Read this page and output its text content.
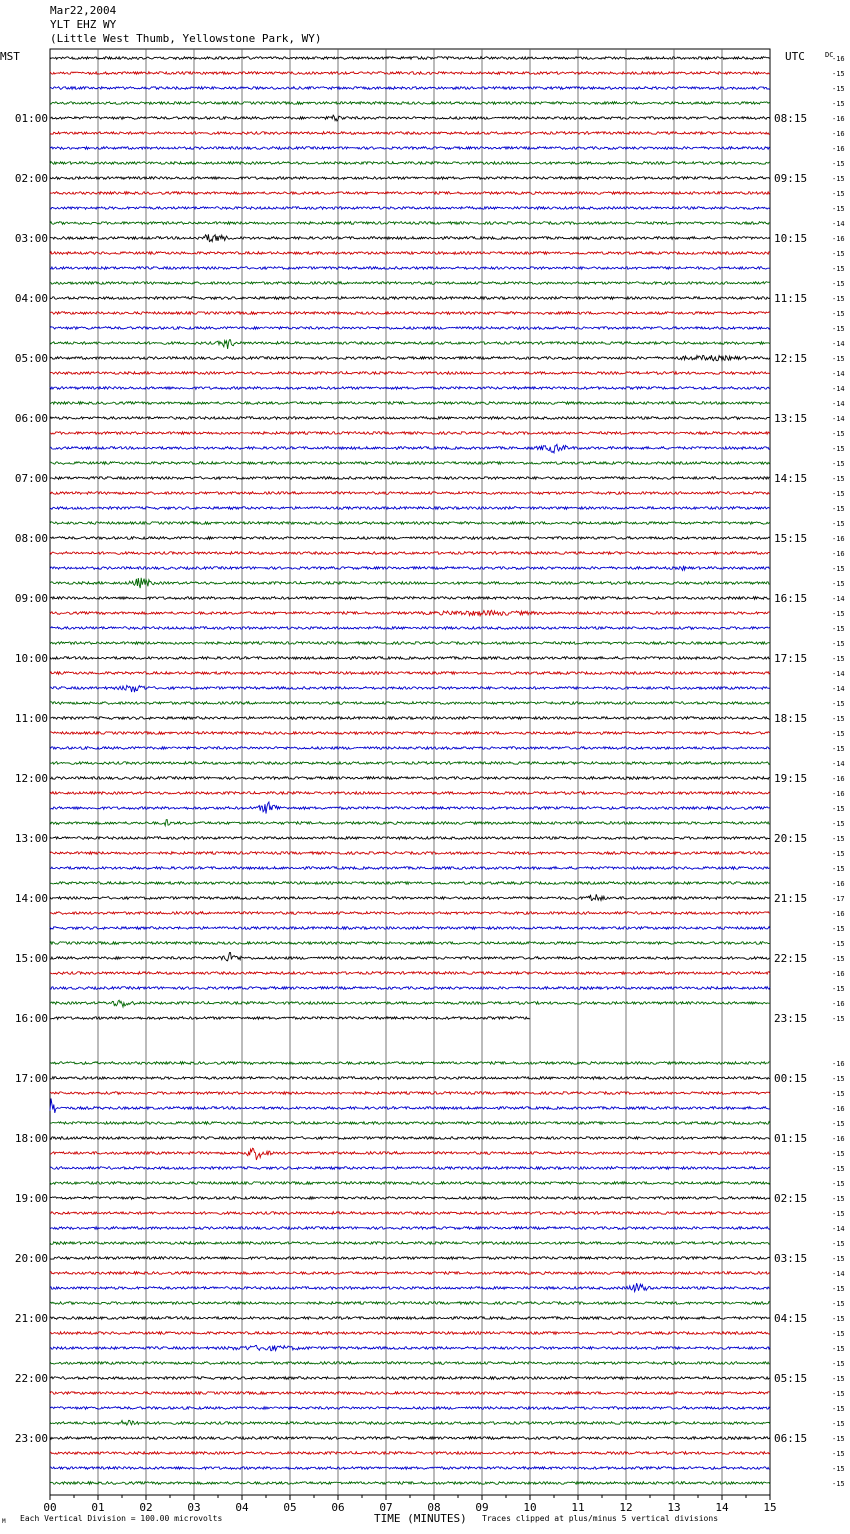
Mar22,2004
YLT EHZ WY
(Little West Thumb, Yellowstone Park, WY)
00	01	02	03	04	05	06	07	08	09	10	11	12	13	14	15
MST	UTC	DC
01:00
02:00
03:00
04:00
05:00
06:00
07:00
08:00
09:00
10:00
11:00
12:00
13:00
14:00
15:00
16:00
17:00
18:00
19:00
20:00
21:00
22:00
23:00
08:15
09:15
10:15
11:15
12:15
13:15
14:15
15:15
16:15
17:15
18:15
19:15
20:15
21:15
22:15
23:15
00:15
01:15
02:15
03:15
04:15
05:15
06:15
-16
-15
-15
-15
-16
-16
-16
-15
-15
-15
-15
-14
-16
-15
-15
-15
-15
-15
-15
-14
-15
-14
-14
-14
-14
-15
-15
-15
-15
-15
-15
-15
-16
-16
-15
-15
-14
-15
-15
-15
-15
-14
-14
-15
-15
-15
-15
-14
-16
-16
-15
-15
-15
-15
-15
-16
-17
-16
-15
-15
-15
-16
-15
-16
-15
-16
-15
-15
-16
-15
-16
-15
-15
-15
-15
-15
-14
-15
-15
-14
-15
-15
-15
-15
-15
-15
-15
-15
-15
-15
-15
-15
-15
-15
TIME (MINUTES)
Each Vertical Division = 100.00 microvolts	Traces clipped at plus/minus 5 vertical divisions
M
